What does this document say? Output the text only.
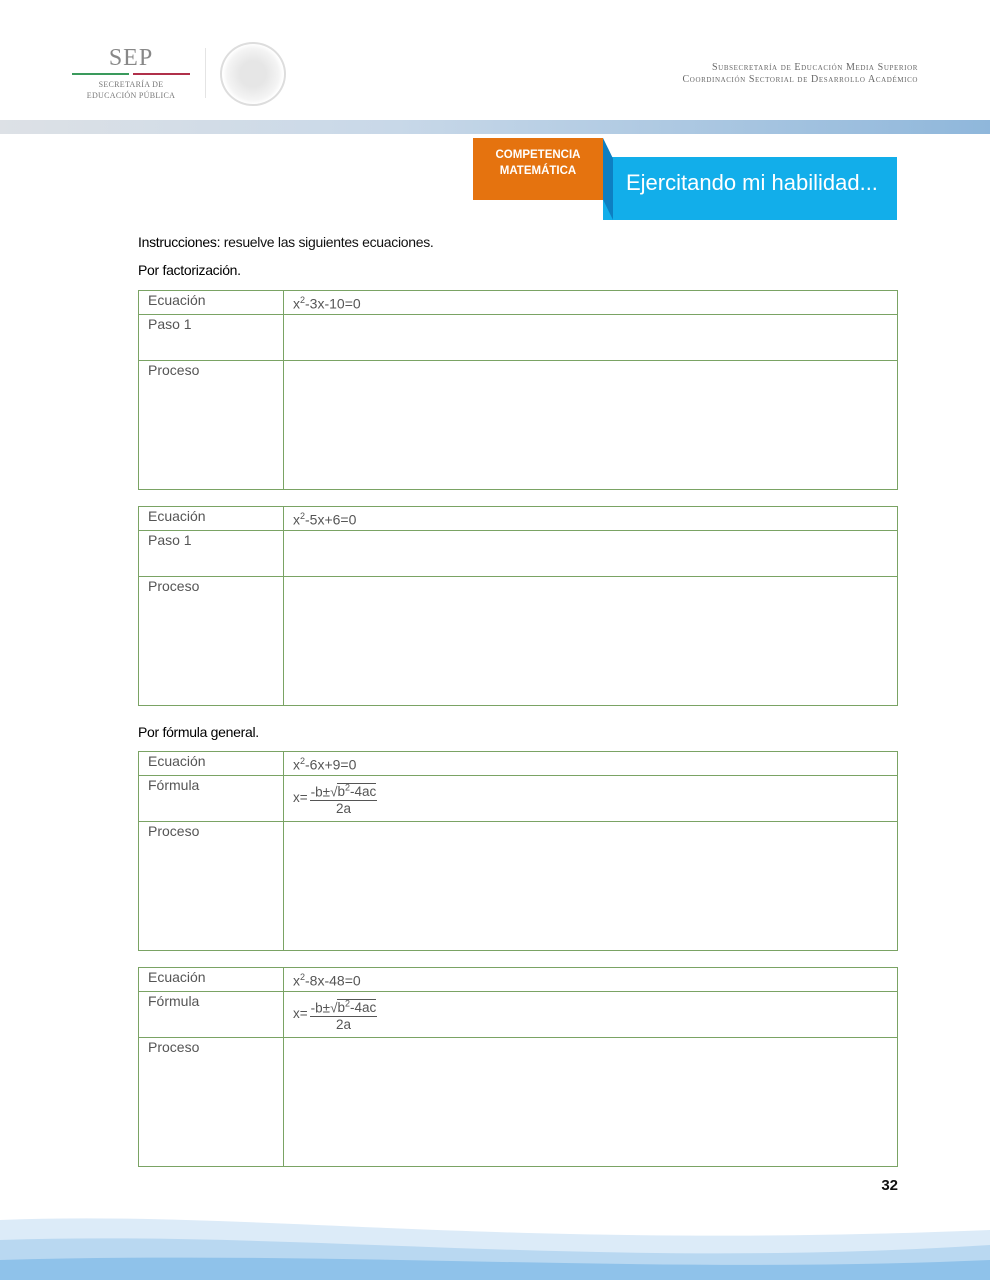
SEP
SECRETARÍA DE
EDUCACIÓN PÚBLICA
Subsecretaría de Educación Media Superior
Coordinación Sectorial de Desarrollo Académico
COMPETENCIA
MATEMÁTICA	Ejercitando mi habilidad...
Instrucciones: resuelve las siguientes ecuaciones.
Por factorización.
Por fórmula general.
Ecuación	$x^2-3x-10=0$
Paso 1	
Proceso	
Ecuación	$x^2-5x+6=0$
Paso 1	
Proceso	
Ecuación	$x^2-6x+9=0$
Fórmula	$x= \frac{-b\pm√b^2-4ac}{2a}$

Proceso	
Ecuación	$x^2-8x-48=0$
Fórmula	$x= \frac{-b\pm√b^2-4ac}{2a}$

Proceso	
32
